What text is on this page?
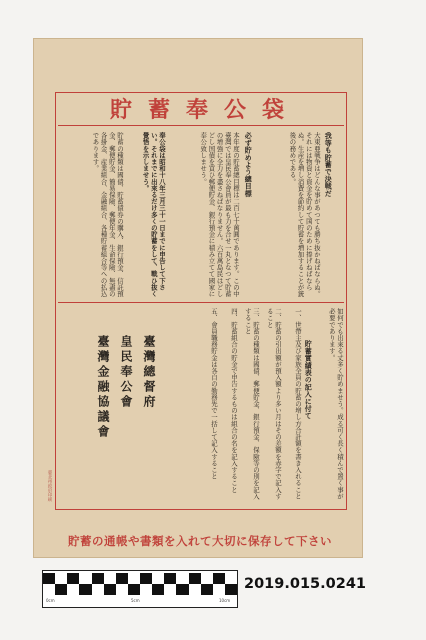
貯蓄奉公袋
我等も貯蓄で決戦だ
大東亜戦争はどんな事があつても勝ち抜かねばならぬ。それには物資と資金を貯めて国のために捧げねばならぬ。生産を増し消費を節約して貯蓄を増加することが銃後の務めである。
必ず貯めよう總目標
本年度の貯蓄總目標は二百七十萬圓であります。この中臺灣では皇民奉公會員が最も力を合せ一丸となつて貯蓄の增強に全力を盡さねばなりません。六百萬島民はどしどし国債を買ひ郵便貯金、銀行預金に積み立てて國家に奉公致しませう。
奉公袋は昭和十八年三月三十一日までに申告して下さい。それまでに出來るだけ多くの貯蓄をして、戰ひ抜く覺悟を示しませう。
貯蓄の種類は國債、貯蓄債券の購入、銀行預金、信託預金、郵便貯金、簡易保險、郵便年金、生命保險、無盡の各掛金、産業組合、金融組合、各種貯蓄組合等への払込であります。
如何でも出來る丈多く貯めませう。成る可く長く積んで置く事が必要であります。
貯蓄實績表の記入に付て
一、世帶主及び家族全員の貯蓄の增し方合計額を書き入れること
二、貯蓄の引出額が預入額より多い月はその差額を赤字で記入すること
三、貯蓄の種類は國債、郵便貯金、銀行預金、保險等の別を記入すること
四、貯蓄組合の貯金で申告するものは組合の名を記入すること
五、會員職務貯金は各自の勤務先で一括して記入すること
臺灣總督府
皇民奉公會
臺灣金融協議會
臺北州政府印刷
貯蓄の通帳や書類を入れて大切に保存して下さい
0cm	5cm	10cm
2019.015.0241
